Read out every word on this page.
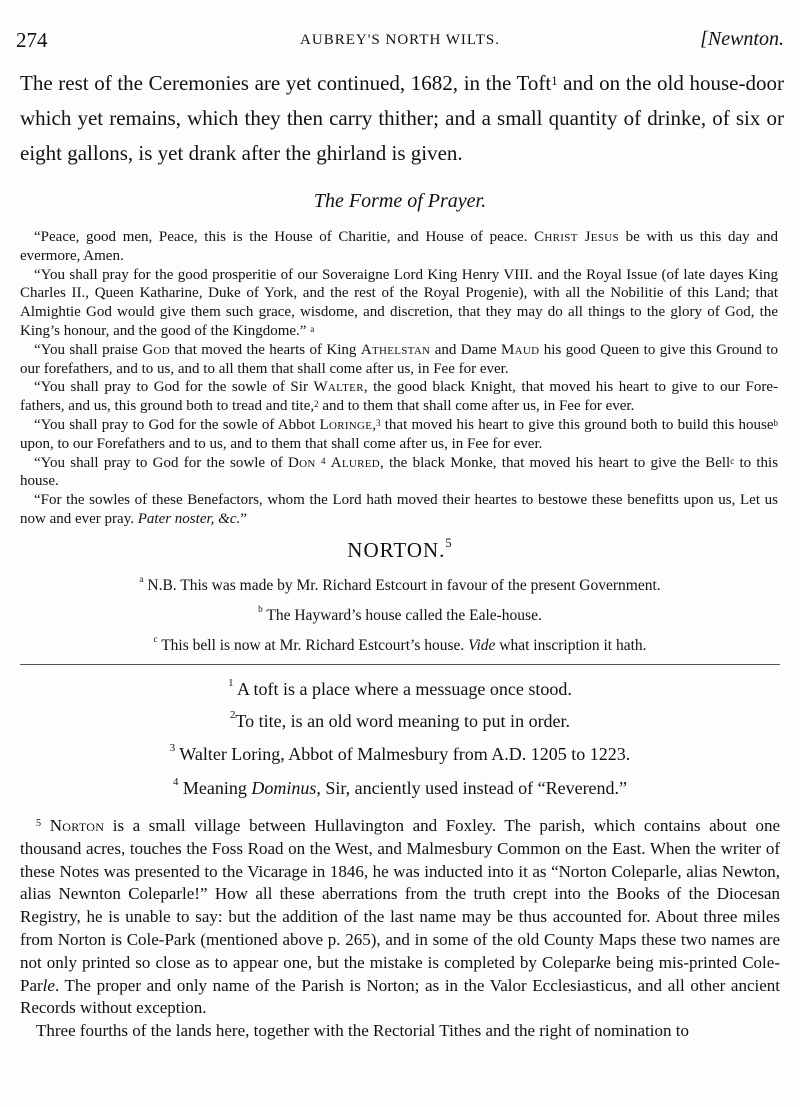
274	AUBREY'S NORTH WILTS.	[Newnton.

The rest of the Ceremonies are yet continued, 1682, in the Toft$^1$ and on the old house-door which yet remains, which they then carry thither; and a small quantity of drinke, of six or eight gallons, is yet drank after the ghirland is given.

The Forme of Prayer.

“Peace, good men, Peace, this is the House of Charitie, and House of peace. Christ Jesus be with us this day and evermore, Amen.

“You shall pray for the good prosperitie of our Soveraigne Lord King Henry VIII. and the Royal Issue (of late dayes King Charles II., Queen Katharine, Duke of York, and the rest of the Royal Progenie), with all the Nobilitie of this Land; that Almightie God would give them such grace, wisdome, and discretion, that they may do all things to the glory of God, the King’s honour, and the good of the Kingdome.” $^a$

“You shall praise God that moved the hearts of King Athelstan and Dame Maud his good Queen to give this Ground to our forefathers, and to us, and to all them that shall come after us, in Fee for ever.

“You shall pray to God for the sowle of Sir Walter, the good black Knight, that moved his heart to give to our Fore-fathers, and us, this ground both to tread and tite,$^2$ and to them that shall come after us, in Fee for ever.

“You shall pray to God for the sowle of Abbot Loringe,$^3$ that moved his heart to give this ground both to build this house$^b$ upon, to our Forefathers and to us, and to them that shall come after us, in Fee for ever.

“You shall pray to God for the sowle of Don $^4$ Alured, the black Monke, that moved his heart to give the Bell$^c$ to this house.

“For the sowles of these Benefactors, whom the Lord hath moved their heartes to bestowe these benefitts upon us, Let us now and ever pray. Pater noster, &c.”

NORTON.$^5$
$^a$ N.B. This was made by Mr. Richard Estcourt in favour of the present Government.
$^b$ The Hayward’s house called the Eale-house.
$^c$ This bell is now at Mr. Richard Estcourt’s house. Vide what inscription it hath.
$^1$ A toft is a place where a messuage once stood.
$^2$To tite, is an old word meaning to put in order.
$^3$ Walter Loring, Abbot of Malmesbury from A.D. 1205 to 1223.
$^4$ Meaning Dominus, Sir, anciently used instead of “Reverend.”

$^5$ Norton is a small village between Hullavington and Foxley. The parish, which contains about one thousand acres, touches the Foss Road on the West, and Malmesbury Common on the East. When the writer of these Notes was presented to the Vicarage in 1846, he was inducted into it as “Norton Coleparle, alias Newton, alias Newnton Coleparle!” How all these aberrations from the truth crept into the Books of the Diocesan Registry, he is unable to say: but the addition of the last name may be thus accounted for. About three miles from Norton is Cole-Park (mentioned above p. 265), and in some of the old County Maps these two names are not only printed so close as to appear one, but the mistake is completed by Coleparke being mis-printed Cole-Parle. The proper and only name of the Parish is Norton; as in the Valor Ecclesiasticus, and all other ancient Records without exception.

Three fourths of the lands here, together with the Rectorial Tithes and the right of nomination to
